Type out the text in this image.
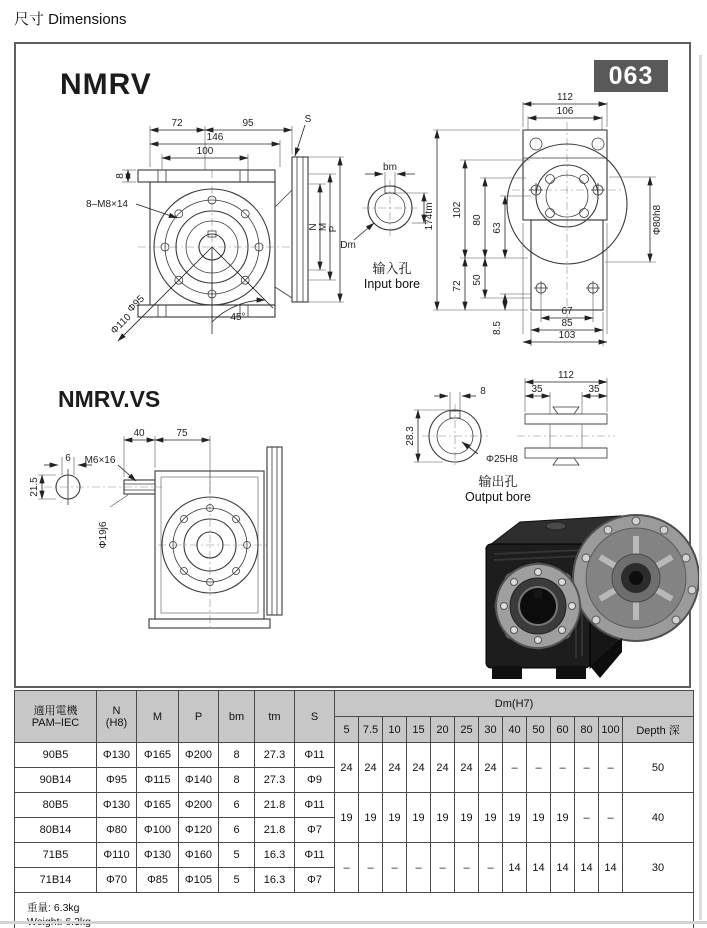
尺寸 Dimensions
NMRV	063
NMRV.VS
72	95
146
100
8
8–M8×14
Φ95
Φ110	45°
S
N M P
bm
tm
Dm
输入孔
Input bore
112
106
174
102
80
63
72
50
8.5
Φ80h8
67
85
103
40	75
6
21.5
M6×16
Φ19j6
8
28.3
Φ25H8
输出孔
Output bore
112
35	35
適用電機
PAM–IEC

N
(H8)	M	P	bm	tm	S	Dm(H7)
							5	7.5	10	15	20	25	30	40	50	60	80	100	Depth 深
90B5	Φ130	Φ165	Φ200	8	27.3	Φ11	24	24	24	24	24	24	24	–	–	–	–	–	50
90B14	Φ95	Φ115	Φ140	8	27.3	Φ9													
80B5	Φ130	Φ165	Φ200	6	21.8	Φ11	19	19	19	19	19	19	19	19	19	19	–	–	40
80B14	Φ80	Φ100	Φ120	6	21.8	Φ7													
71B5	Φ110	Φ130	Φ160	5	16.3	Φ11	–	–	–	–	–	–	–	14	14	14	14	14	30
71B14	Φ70	Φ85	Φ105	5	16.3	Φ7													

重量: 6.3kg																			
